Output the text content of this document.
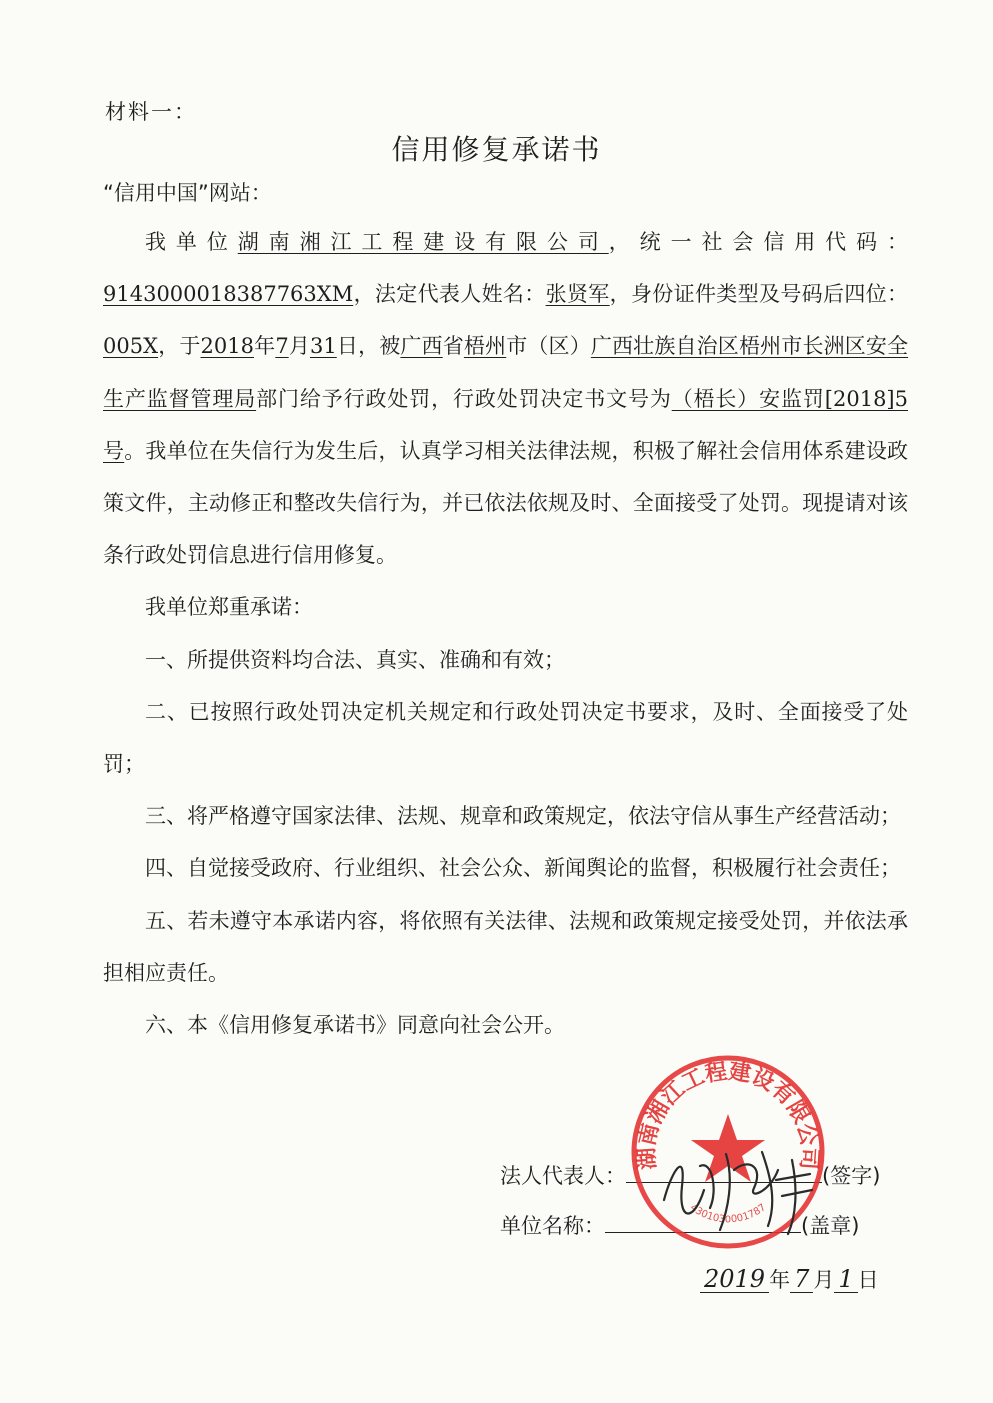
材料一：
信用修复承诺书
“信用中国”网站：

我单位湖南湘江工程建设有限公司，统一社会信用代码：9143000018387763XM，法定代表人姓名：张贤军，身份证件类型及号码后四位：005X，于2018年7月31日，被广西省梧州市（区）广西壮族自治区梧州市长洲区安全生产监督管理局部门给予行政处罚，行政处罚决定书文号为（梧长）安监罚[2018]5号。我单位在失信行为发生后，认真学习相关法律法规，积极了解社会信用体系建设政策文件，主动修正和整改失信行为，并已依法依规及时、全面接受了处罚。现提请对该条行政处罚信息进行信用修复。

我单位郑重承诺：

一、所提供资料均合法、真实、准确和有效；

二、已按照行政处罚决定机关规定和行政处罚决定书要求，及时、全面接受了处罚；

三、将严格遵守国家法律、法规、规章和政策规定，依法守信从事生产经营活动；

四、自觉接受政府、行业组织、社会公众、新闻舆论的监督，积极履行社会责任；

五、若未遵守本承诺内容，将依照有关法律、法规和政策规定接受处罚，并依法承担相应责任。

六、本《信用修复承诺书》同意向社会公开。

法人代表人：	(签字)
单位名称：	(盖章)
2019 年 7 月 1 日
湖南湘江工程建设有限公司
4301030001787
